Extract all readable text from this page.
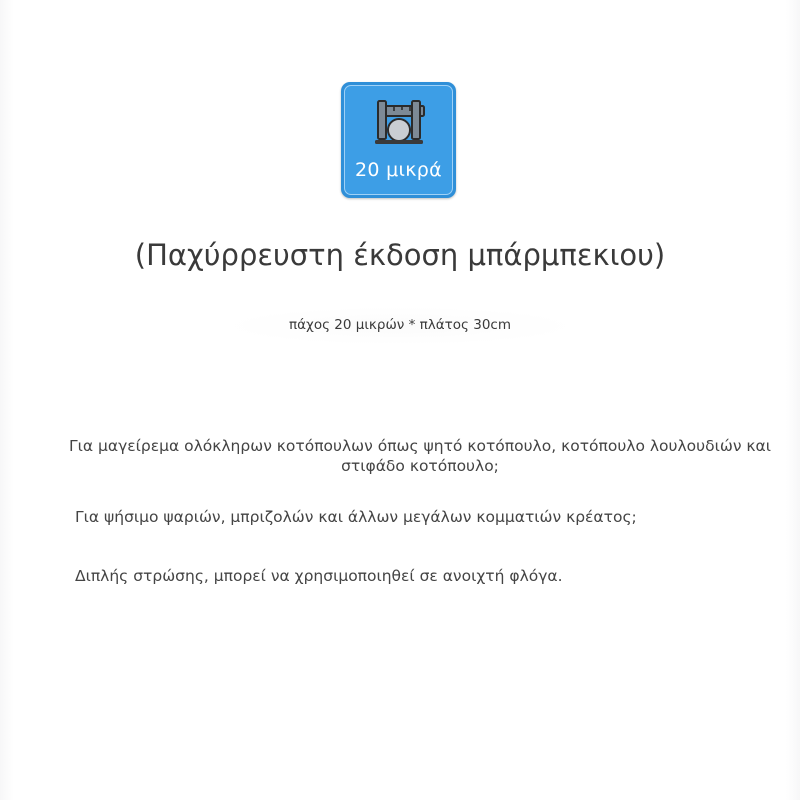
20 μικρά
(Παχύρρευστη έκδοση μπάρμπεκιου)
πάχος 20 μικρών * πλάτος 30cm
Για μαγείρεμα ολόκληρων κοτόπουλων όπως ψητό κοτόπουλο, κοτόπουλο λουλουδιών και στιφάδο κοτόπουλο;
Για ψήσιμο ψαριών, μπριζολών και άλλων μεγάλων κομματιών κρέατος;
Διπλής στρώσης, μπορεί να χρησιμοποιηθεί σε ανοιχτή φλόγα.
